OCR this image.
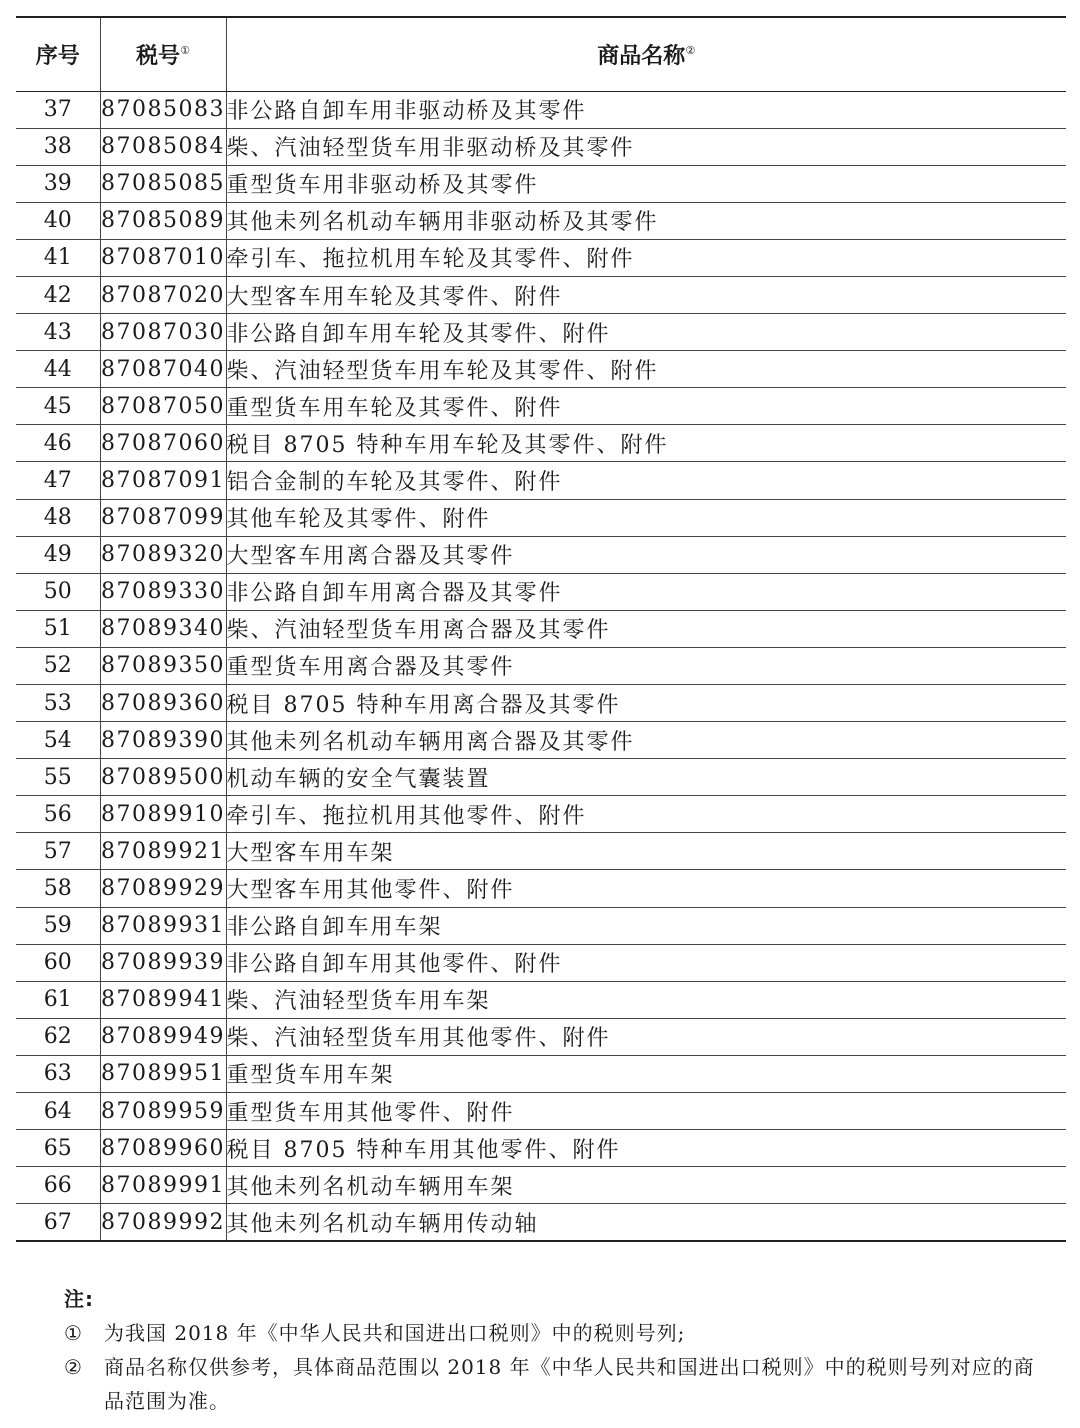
序号	税号①	商品名称②
37	87085083	非公路自卸车用非驱动桥及其零件
38	87085084	柴、汽油轻型货车用非驱动桥及其零件
39	87085085	重型货车用非驱动桥及其零件
40	87085089	其他未列名机动车辆用非驱动桥及其零件
41	87087010	牵引车、拖拉机用车轮及其零件、附件
42	87087020	大型客车用车轮及其零件、附件
43	87087030	非公路自卸车用车轮及其零件、附件
44	87087040	柴、汽油轻型货车用车轮及其零件、附件
45	87087050	重型货车用车轮及其零件、附件
46	87087060	税目 8705 特种车用车轮及其零件、附件
47	87087091	铝合金制的车轮及其零件、附件
48	87087099	其他车轮及其零件、附件
49	87089320	大型客车用离合器及其零件
50	87089330	非公路自卸车用离合器及其零件
51	87089340	柴、汽油轻型货车用离合器及其零件
52	87089350	重型货车用离合器及其零件
53	87089360	税目 8705 特种车用离合器及其零件
54	87089390	其他未列名机动车辆用离合器及其零件
55	87089500	机动车辆的安全气囊装置
56	87089910	牵引车、拖拉机用其他零件、附件
57	87089921	大型客车用车架
58	87089929	大型客车用其他零件、附件
59	87089931	非公路自卸车用车架
60	87089939	非公路自卸车用其他零件、附件
61	87089941	柴、汽油轻型货车用车架
62	87089949	柴、汽油轻型货车用其他零件、附件
63	87089951	重型货车用车架
64	87089959	重型货车用其他零件、附件
65	87089960	税目 8705 特种车用其他零件、附件
66	87089991	其他未列名机动车辆用车架
67	87089992	其他未列名机动车辆用传动轴
注:
①	为我国 2018 年《中华人民共和国进出口税则》中的税则号列;
②	商品名称仅供参考，具体商品范围以 2018 年《中华人民共和国进出口税则》中的税则号列对应的商品范围为准。
